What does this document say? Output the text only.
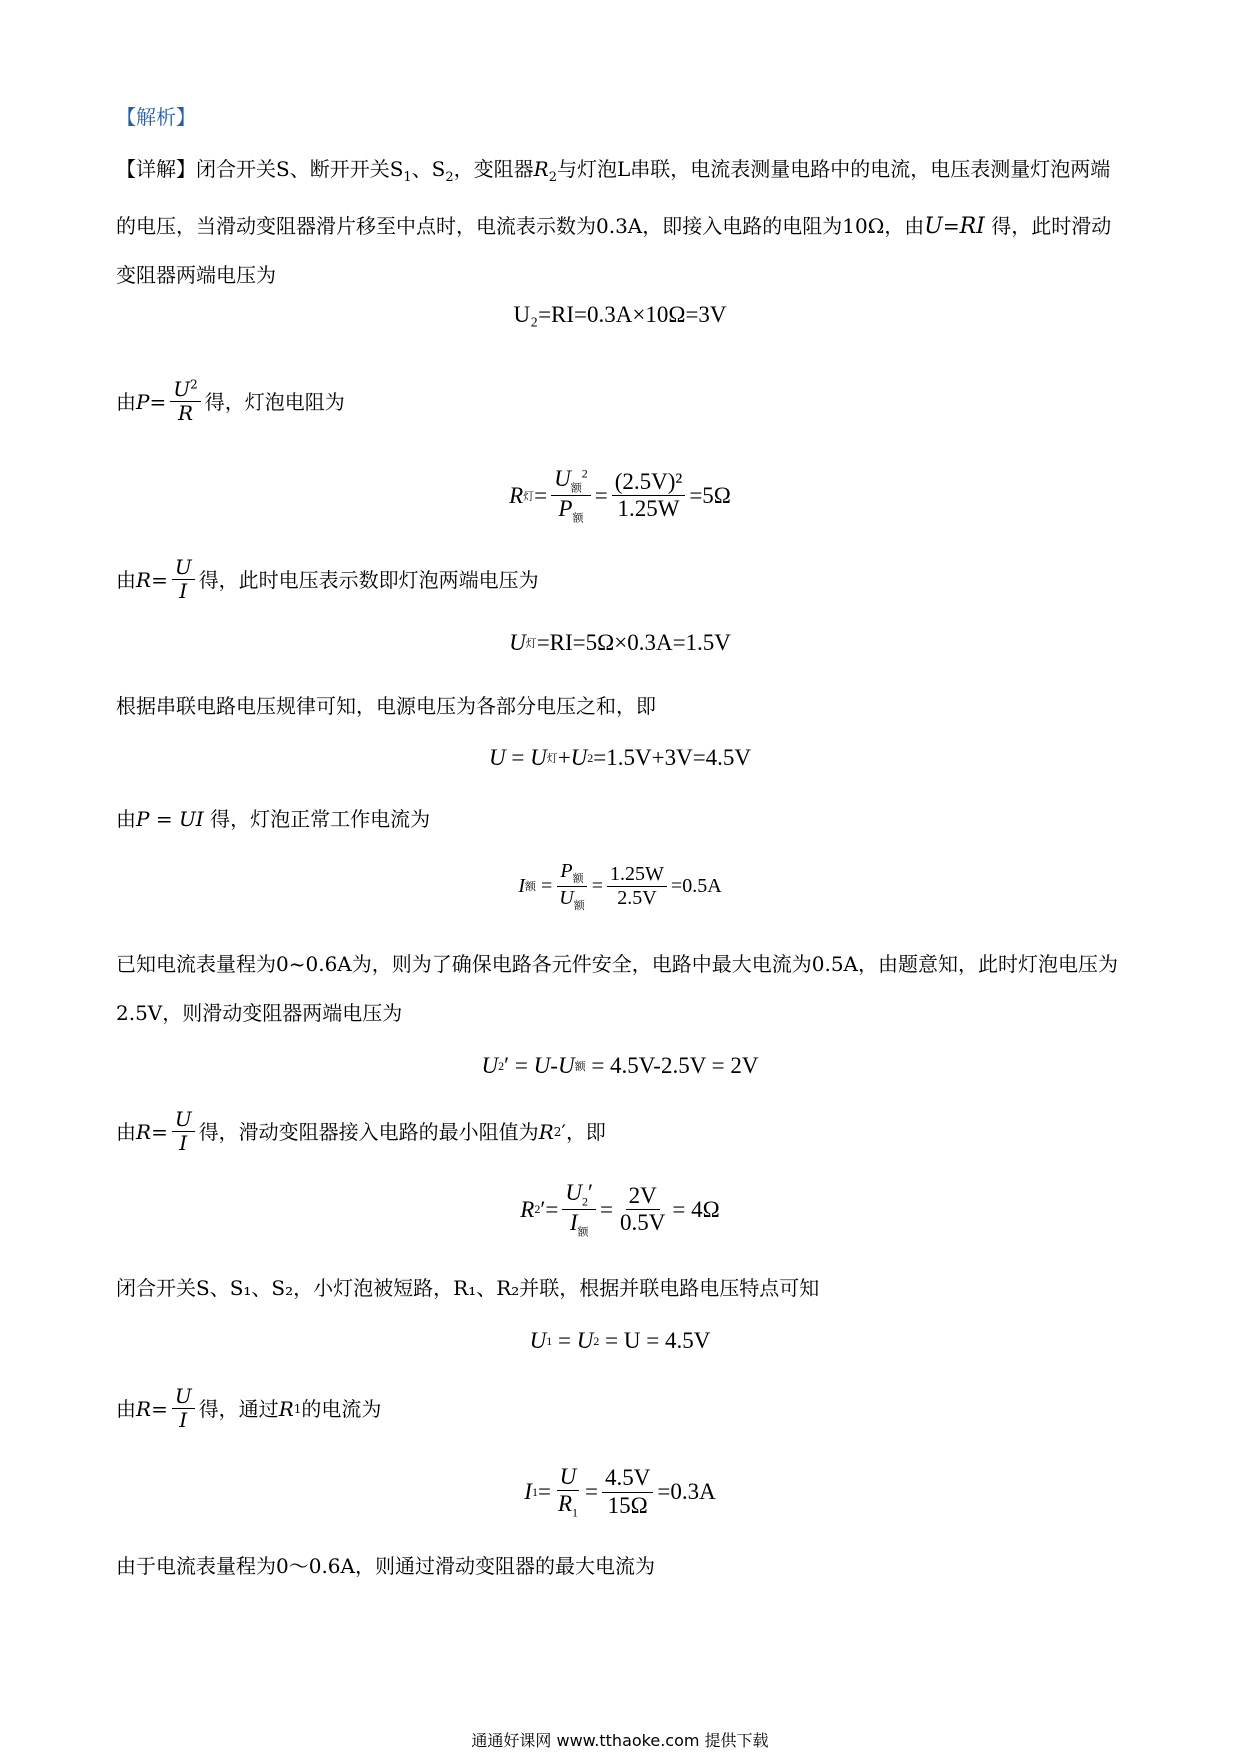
【解析】
【详解】闭合开关S、断开开关$S_1$、$S_2$，变阻器$R_2$与灯泡L串联，电流表测量电路中的电流，电压表测量灯泡两端的电压，当滑动变阻器滑片移至中点时，电流表示数为0.3A，即接入电路的电阻为10Ω，由U=RI 得，此时滑动变阻器两端电压为
U₂=RI=0.3A×10Ω=3V
由 $P = \frac{U^2}{R}$ 得，灯泡电阻为
R 灯 = $\frac{U_额^2}{P_额} = \frac{\text{(2.5V)²}}{1.25W} =5\Omega$
由 $R = \frac{U}{I}$ 得，此时电压表示数即灯泡两端电压为
U 灯 =RI=5Ω×0.3A=1.5V
根据串联电路电压规律可知，电源电压为各部分电压之和，即
U = U 灯 + U 2 =1.5V+3V=4.5V
由P = UI 得，灯泡正常工作电流为
I 额 = $\frac{P_额}{U_额} = \frac{1.25W}{2.5V} =0.5A$
已知电流表量程为0~0.6A为，则为了确保电路各元件安全，电路中最大电流为0.5A，由题意知，此时灯泡电压为2.5V，则滑动变阻器两端电压为
U 2 ′ = U - U 额
= 4.5V-2.5V = 2V
由 $R = \frac{U}{I}$ 得，滑动变阻器接入电路的最小阻值为 R 2 ′ ，即
R 2 ′= $\frac{U_2'}{I_额} = \frac{2V}{0.5V} = 4\Omega$
闭合开关S、S₁、S₂，小灯泡被短路，R₁、R₂并联，根据并联电路电压特点可知
U 1 = U 2
= U = 4.5V
由 $R = \frac{U}{I}$ 得，通过 R 1 的电流为
I $1 = \frac{U}{R_1} = \frac{4.5V}{15\Omega} =0.3A$
由于电流表量程为0～0.6A，则通过滑动变阻器的最大电流为
通通好课网 www.tthaoke.com 提供下载
